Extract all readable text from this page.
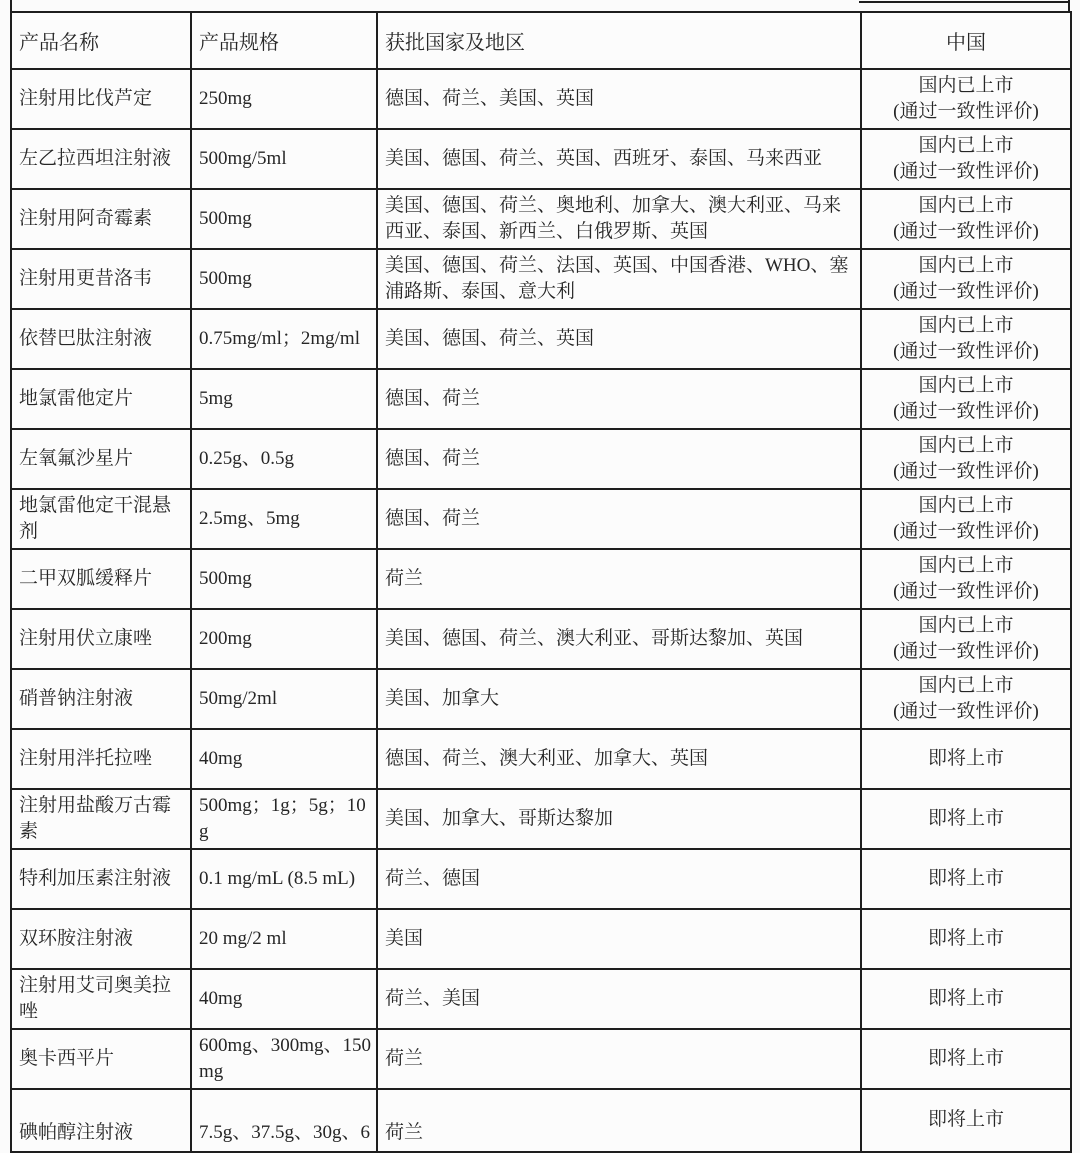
产品名称	产品规格	获批国家及地区	中国
注射用比伐芦定	250mg	德国、荷兰、美国、英国	国内已上市
(通过一致性评价)
左乙拉西坦注射液	500mg/5ml	美国、德国、荷兰、英国、西班牙、泰国、马来西亚	国内已上市
(通过一致性评价)
注射用阿奇霉素	500mg	美国、德国、荷兰、奥地利、加拿大、澳大利亚、马来西亚、泰国、新西兰、白俄罗斯、英国	国内已上市
(通过一致性评价)
注射用更昔洛韦	500mg	美国、德国、荷兰、法国、英国、中国香港、WHO、塞浦路斯、泰国、意大利	国内已上市
(通过一致性评价)
依替巴肽注射液	0.75mg/ml；2mg/ml	美国、德国、荷兰、英国	国内已上市
(通过一致性评价)
地氯雷他定片	5mg	德国、荷兰	国内已上市
(通过一致性评价)
左氧氟沙星片	0.25g、0.5g	德国、荷兰	国内已上市
(通过一致性评价)
地氯雷他定干混悬剂	2.5mg、5mg	德国、荷兰	国内已上市
(通过一致性评价)
二甲双胍缓释片	500mg	荷兰	国内已上市
(通过一致性评价)
注射用伏立康唑	200mg	美国、德国、荷兰、澳大利亚、哥斯达黎加、英国	国内已上市
(通过一致性评价)
硝普钠注射液	50mg/2ml	美国、加拿大	国内已上市
(通过一致性评价)
注射用泮托拉唑	40mg	德国、荷兰、澳大利亚、加拿大、英国	即将上市
注射用盐酸万古霉素	500mg；1g；5g；10g	美国、加拿大、哥斯达黎加	即将上市
特利加压素注射液	0.1 mg/mL (8.5 mL)	荷兰、德国	即将上市
双环胺注射液	20 mg/2 ml	美国	即将上市
注射用艾司奥美拉唑	40mg	荷兰、美国	即将上市
奥卡西平片	600mg、300mg、150mg	荷兰	即将上市
碘帕醇注射液	7.5g、37.5g、30g、6	荷兰	即将上市
